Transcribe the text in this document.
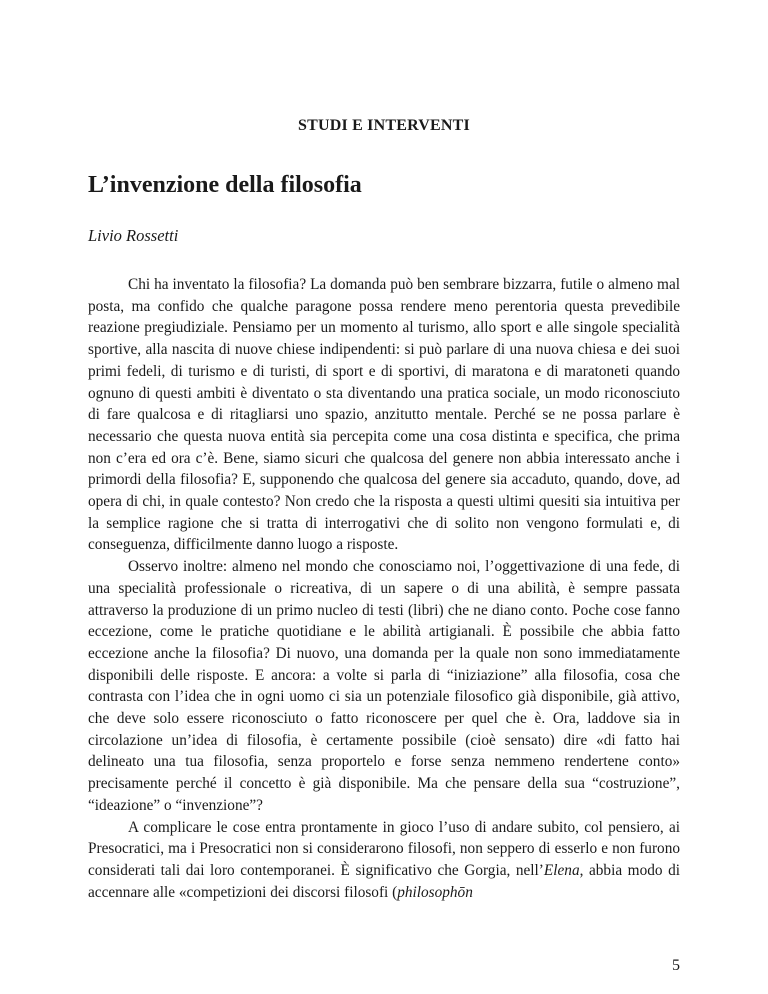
STUDI E INTERVENTI
L’invenzione della filosofia
Livio Rossetti

Chi ha inventato la filosofia? La domanda può ben sembrare bizzarra, futile o almeno mal posta, ma confido che qualche paragone possa rendere meno perentoria questa prevedibile reazione pregiudiziale. Pensiamo per un momento al turismo, allo sport e alle singole specialità sportive, alla nascita di nuove chiese indipendenti: si può parlare di una nuova chiesa e dei suoi primi fedeli, di turismo e di turisti, di sport e di sportivi, di maratona e di maratoneti quando ognuno di questi ambiti è diventato o sta diventando una pratica sociale, un modo riconosciuto di fare qualcosa e di ritagliarsi uno spazio, anzitutto mentale. Perché se ne possa parlare è necessario che questa nuova entità sia percepita come una cosa distinta e specifica, che prima non c’era ed ora c’è. Bene, siamo sicuri che qualcosa del genere non abbia interessato anche i primordi della filosofia? E, supponendo che qualcosa del genere sia accaduto, quando, dove, ad opera di chi, in quale contesto? Non credo che la risposta a questi ultimi quesiti sia intuitiva per la semplice ragione che si tratta di interrogativi che di solito non vengono formulati e, di conseguenza, difficilmente danno luogo a risposte.

Osservo inoltre: almeno nel mondo che conosciamo noi, l’oggettivazione di una fede, di una specialità professionale o ricreativa, di un sapere o di una abilità, è sempre passata attraverso la produzione di un primo nucleo di testi (libri) che ne diano conto. Poche cose fanno eccezione, come le pratiche quotidiane e le abilità artigianali. È possibile che abbia fatto eccezione anche la filosofia? Di nuovo, una domanda per la quale non sono immediatamente disponibili delle risposte. E ancora: a volte si parla di “iniziazione” alla filosofia, cosa che contrasta con l’idea che in ogni uomo ci sia un potenziale filosofico già disponibile, già attivo, che deve solo essere riconosciuto o fatto riconoscere per quel che è. Ora, laddove sia in circolazione un’idea di filosofia, è certamente possibile (cioè sensato) dire «di fatto hai delineato una tua filosofia, senza proportelo e forse senza nemmeno rendertene conto» precisamente perché il concetto è già disponibile. Ma che pensare della sua “costruzione”, “ideazione” o “invenzione”?

A complicare le cose entra prontamente in gioco l’uso di andare subito, col pensiero, ai Presocratici, ma i Presocratici non si considerarono filosofi, non seppero di esserlo e non furono considerati tali dai loro contemporanei. È significativo che Gorgia, nell’Elena, abbia modo di accennare alle «competizioni dei discorsi filosofi (philosophōn

5
